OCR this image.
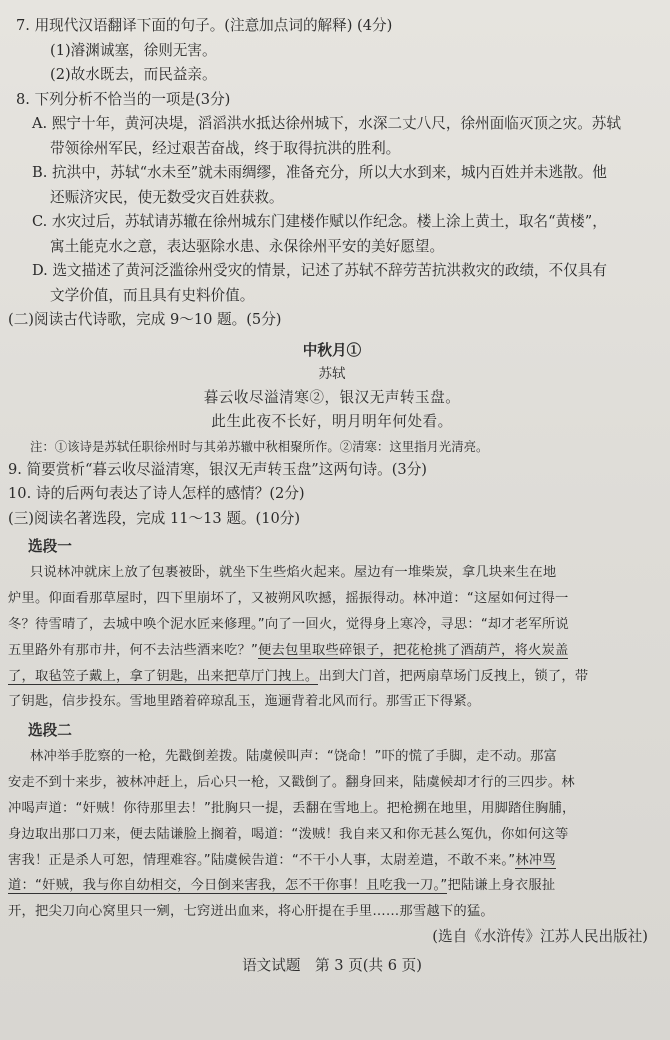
7. 用现代汉语翻译下面的句子。(注意加点词的解释) (4分)
(1)濬渊诚塞，徐则无害。
(2)故水既去，而民益亲。
8. 下列分析不恰当的一项是(3分)
A. 熙宁十年，黄河决堤，滔滔洪水抵达徐州城下，水深二丈八尺，徐州面临灭顶之灾。苏轼
带领徐州军民，经过艰苦奋战，终于取得抗洪的胜利。
B. 抗洪中，苏轼“水未至”就未雨绸缪，准备充分，所以大水到来，城内百姓并未逃散。他
还赈济灾民，使无数受灾百姓获救。
C. 水灾过后，苏轼请苏辙在徐州城东门建楼作赋以作纪念。楼上涂上黄土，取名“黄楼”，
寓土能克水之意，表达驱除水患、永保徐州平安的美好愿望。
D. 选文描述了黄河泛滥徐州受灾的情景，记述了苏轼不辞劳苦抗洪救灾的政绩，不仅具有
文学价值，而且具有史料价值。
(二)阅读古代诗歌，完成 9～10 题。(5分)
中秋月①
苏轼
暮云收尽溢清寒②，银汉无声转玉盘。
此生此夜不长好，明月明年何处看。
注：①该诗是苏轼任职徐州时与其弟苏辙中秋相聚所作。②清寒：这里指月光清亮。
9. 简要赏析“暮云收尽溢清寒，银汉无声转玉盘”这两句诗。(3分)
10. 诗的后两句表达了诗人怎样的感情？(2分)
(三)阅读名著选段，完成 11～13 题。(10分)
选段一
只说林冲就床上放了包裹被卧，就坐下生些焰火起来。屋边有一堆柴炭，拿几块来生在地
炉里。仰面看那草屋时，四下里崩坏了，又被朔风吹撼，摇振得动。林冲道：“这屋如何过得一
冬？待雪晴了，去城中唤个泥水匠来修理。”向了一回火，觉得身上寒冷，寻思：“却才老军所说
五里路外有那市井，何不去沽些酒来吃？”便去包里取些碎银子，把花枪挑了酒葫芦，将火炭盖
了，取毡笠子戴上，拿了钥匙，出来把草厅门拽上。出到大门首，把两扇草场门反拽上，锁了，带
了钥匙，信步投东。雪地里踏着碎琼乱玉，迤逦背着北风而行。那雪正下得紧。
选段二
林冲举手肐察的一枪，先戳倒差拨。陆虞候叫声：“饶命！”吓的慌了手脚，走不动。那富
安走不到十来步，被林冲赶上，后心只一枪，又戳倒了。翻身回来，陆虞候却才行的三四步。林
冲喝声道：“奸贼！你待那里去！”批胸只一提，丢翻在雪地上。把枪搠在地里，用脚踏住胸脯，
身边取出那口刀来，便去陆谦脸上搁着，喝道：“泼贼！我自来又和你无甚么冤仇，你如何这等
害我！正是杀人可恕，情理难容。”陆虞候告道：“不干小人事，太尉差遣，不敢不来。”林冲骂
道：“奸贼，我与你自幼相交，今日倒来害我，怎不干你事！且吃我一刀。”把陆谦上身衣服扯
开，把尖刀向心窝里只一剜，七窍迸出血来，将心肝提在手里……那雪越下的猛。
(选自《水浒传》江苏人民出版社)
语文试题　第 3 页(共 6 页)
